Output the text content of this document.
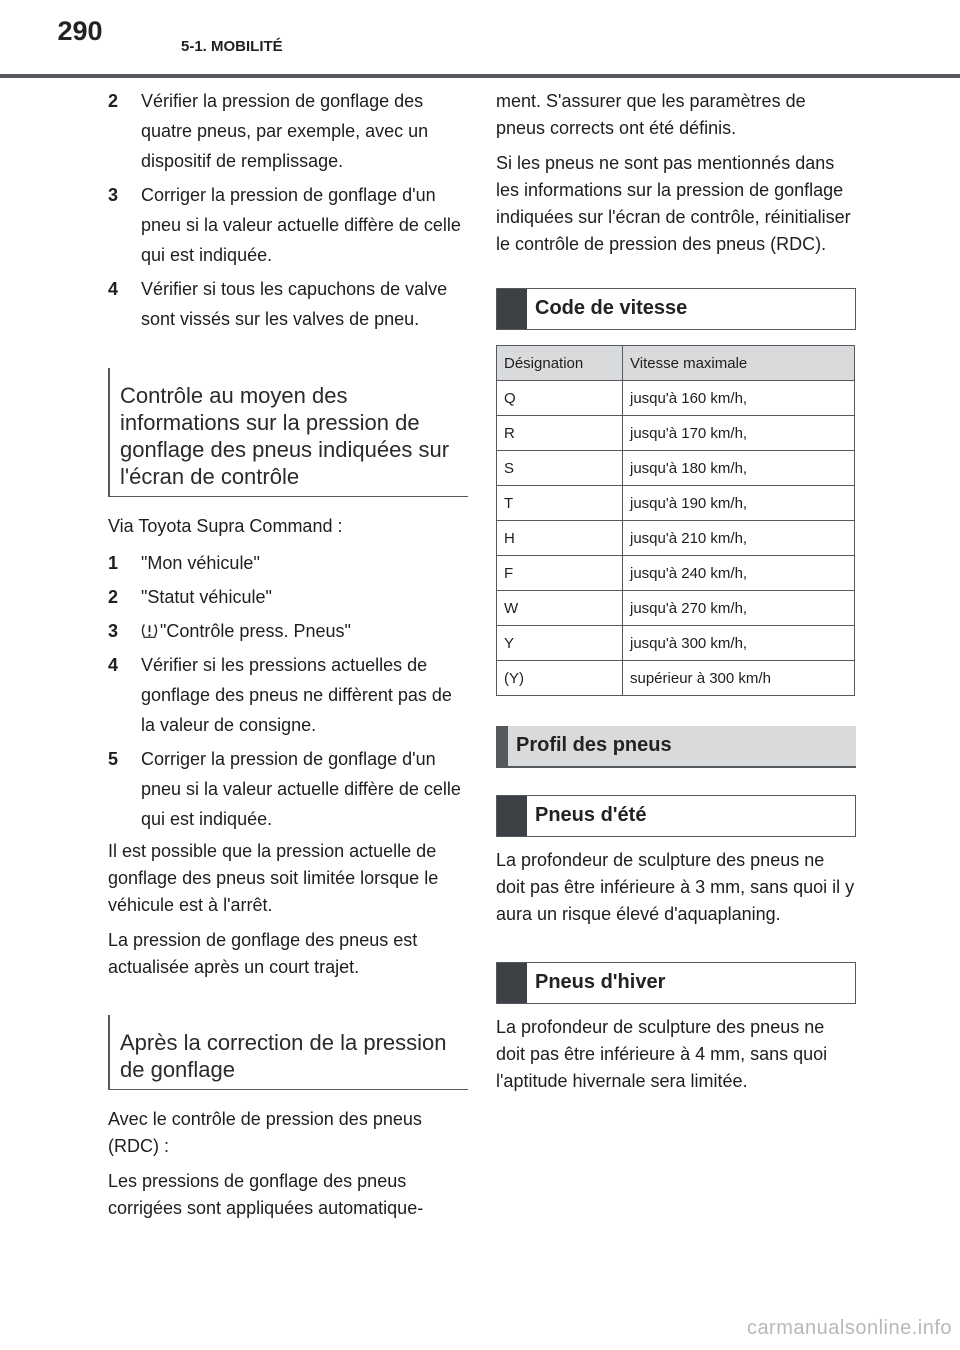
290
5-1. MOBILITÉ
2	Vérifier la pression de gonflage des quatre pneus, par exemple, avec un dispositif de remplissage.
3	Corriger la pression de gonflage d'un pneu si la valeur actuelle diffère de celle qui est indiquée.
4	Vérifier si tous les capuchons de valve sont vissés sur les valves de pneu.
Contrôle au moyen des informations sur la pression de gonflage des pneus indiquées sur l'écran de contrôle

Via Toyota Supra Command :

1	"Mon véhicule"
2	"Statut véhicule"
3	"Contrôle press. Pneus"
4	Vérifier si les pressions actuelles de gonflage des pneus ne diffèrent pas de la valeur de consigne.
5	Corriger la pression de gonflage d'un pneu si la valeur actuelle diffère de celle qui est indiquée.

Il est possible que la pression actuelle de gonflage des pneus soit limitée lorsque le véhicule est à l'arrêt.

La pression de gonflage des pneus est actualisée après un court trajet.

Après la correction de la pression de gonflage

Avec le contrôle de pression des pneus (RDC) :

Les pressions de gonflage des pneus corrigées sont appliquées automatique-

ment. S'assurer que les paramètres de pneus corrects ont été définis.

Si les pneus ne sont pas mentionnés dans les informations sur la pression de gonflage indiquées sur l'écran de contrôle, réinitialiser le contrôle de pression des pneus (RDC).

Code de vitesse
Désignation	Vitesse maximale
Q	jusqu'à 160 km/h,
R	jusqu'à 170 km/h,
S	jusqu'à 180 km/h,
T	jusqu'à 190 km/h,
H	jusqu'à 210 km/h,
F	jusqu'à 240 km/h,
W	jusqu'à 270 km/h,
Y	jusqu'à 300 km/h,
(Y)	supérieur à 300 km/h
Profil des pneus
Pneus d'été

La profondeur de sculpture des pneus ne doit pas être inférieure à 3 mm, sans quoi il y aura un risque élevé d'aquaplaning.

Pneus d'hiver

La profondeur de sculpture des pneus ne doit pas être inférieure à 4 mm, sans quoi l'aptitude hivernale sera limitée.

carmanualsonline.info
